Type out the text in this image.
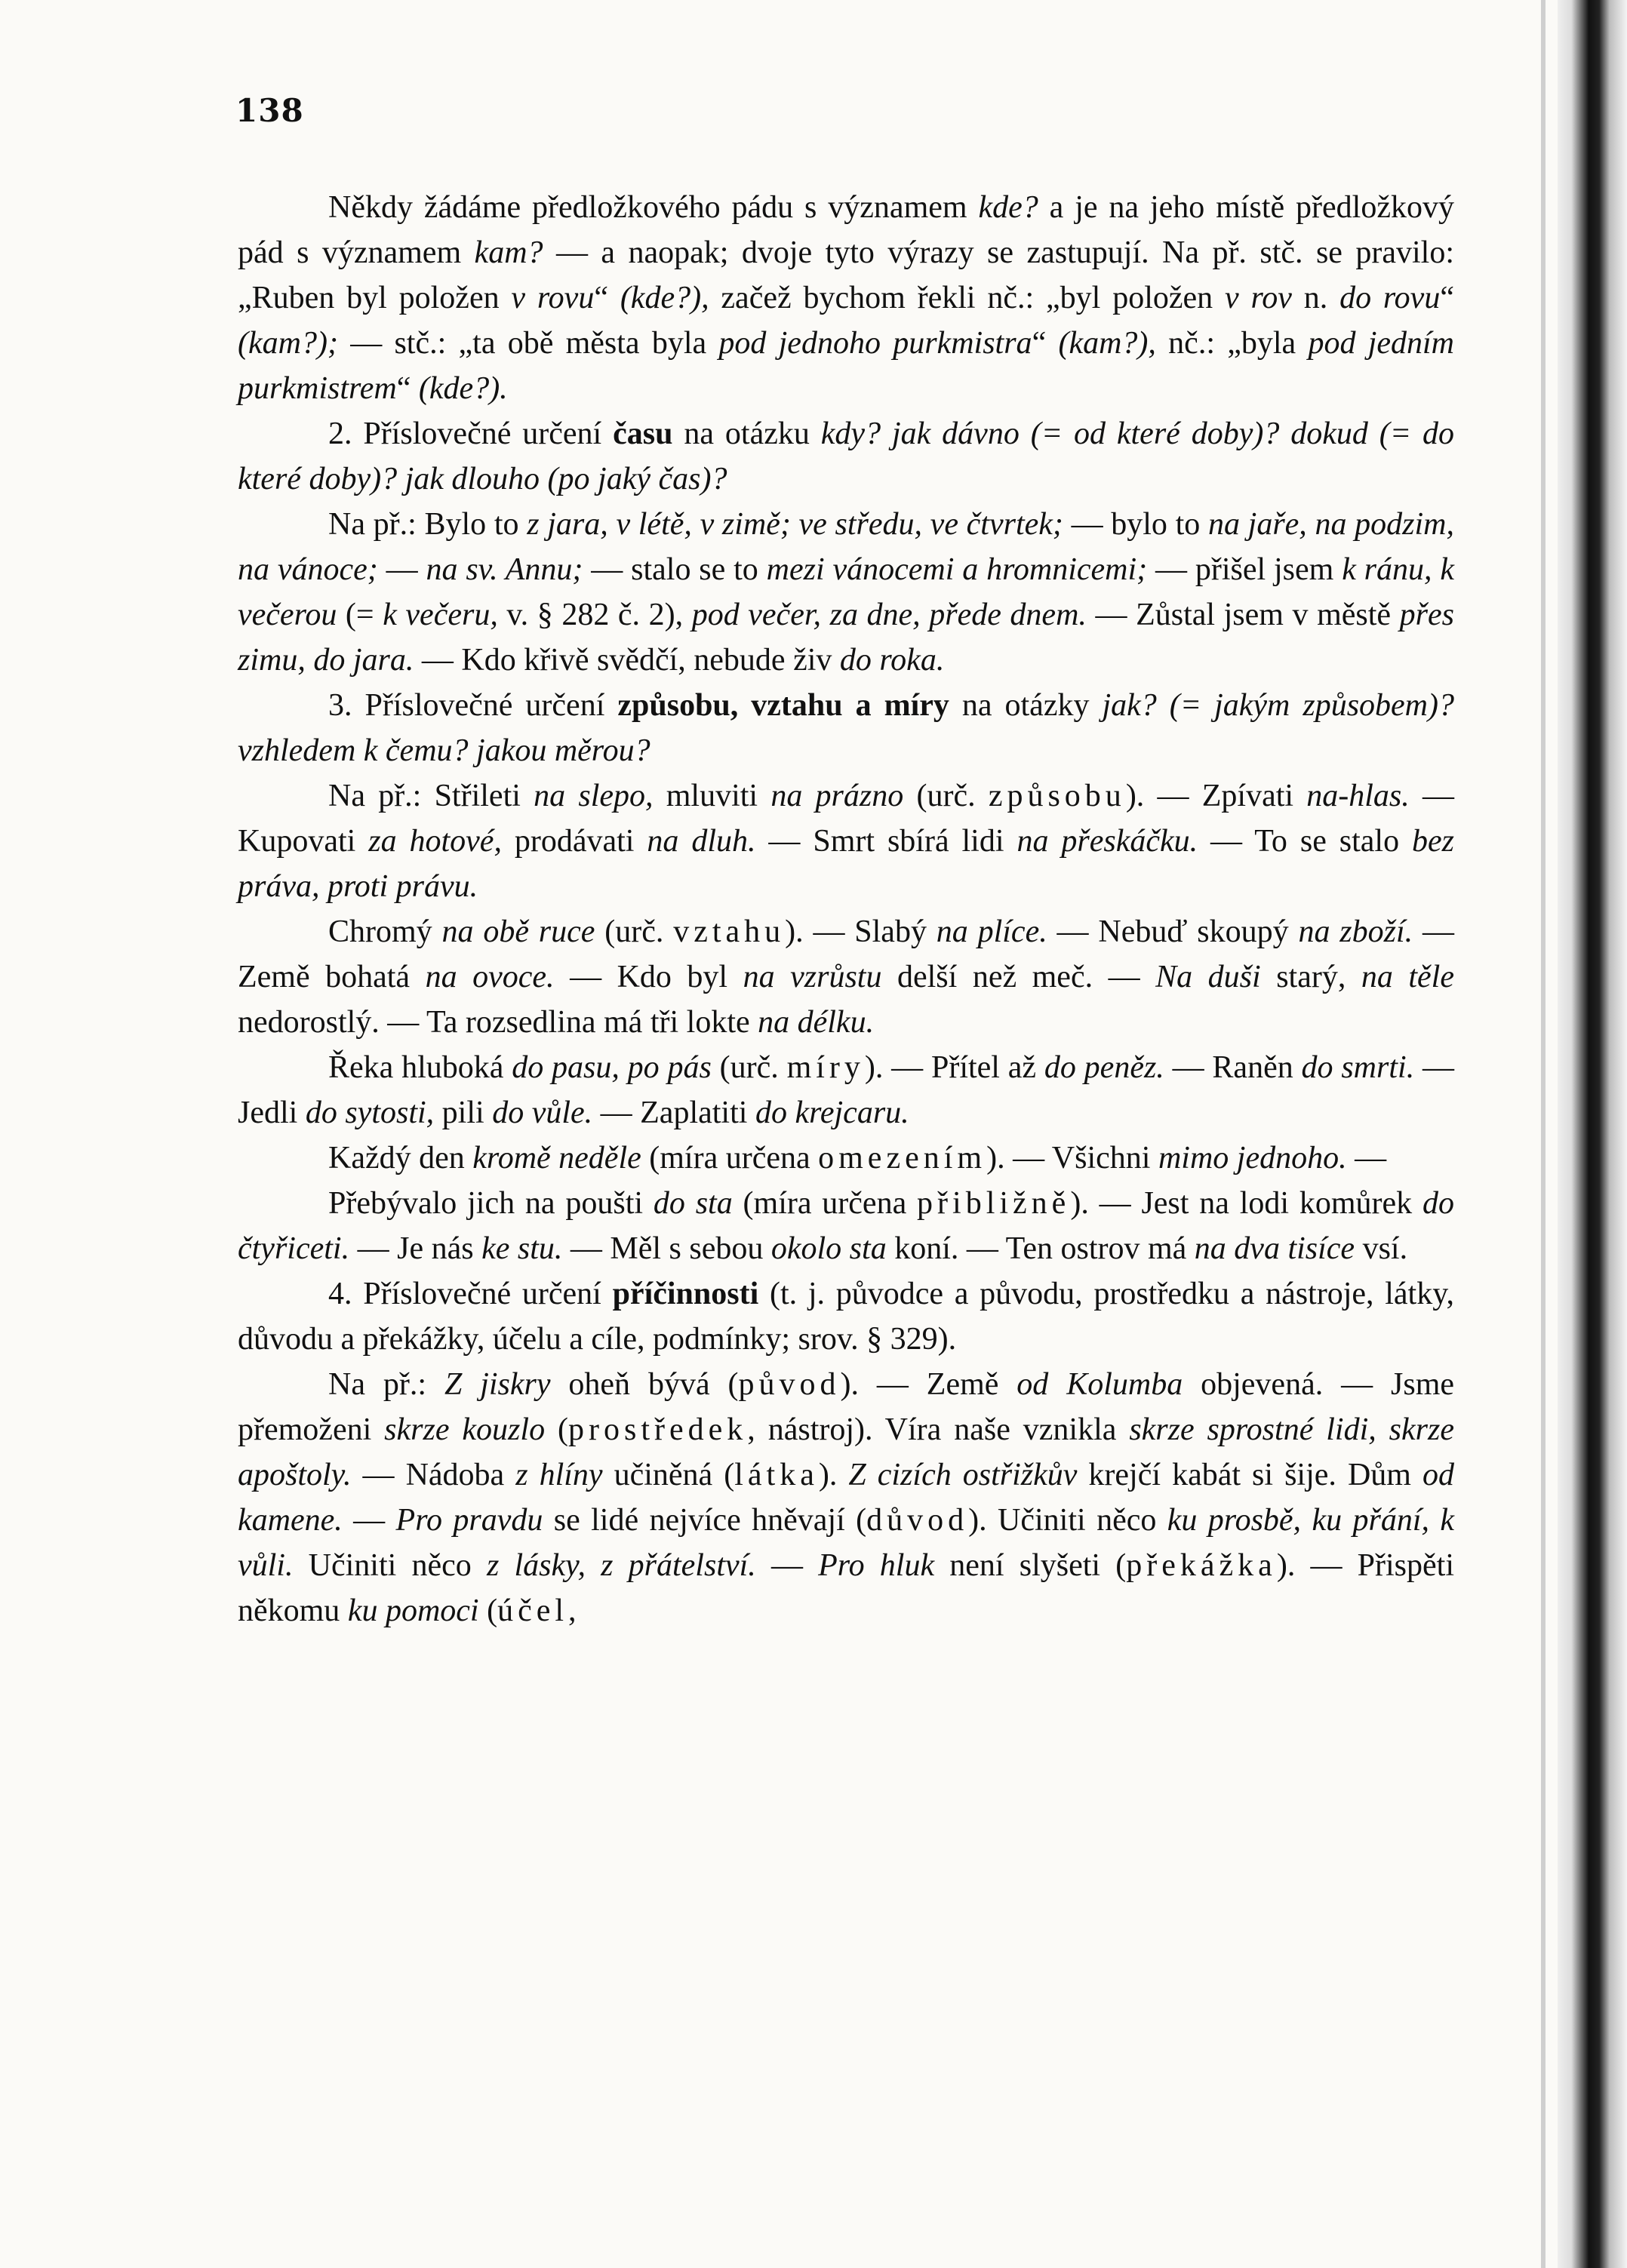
138

Někdy žádáme předložkového pádu s významem kde? a je na jeho místě předložkový pád s významem kam? — a naopak; dvoje tyto výrazy se zastupují. Na př. stč. se pravilo: „Ruben byl položen v rovu“ (kde?), začež bychom řekli nč.: „byl položen v rov n. do rovu“ (kam?); — stč.: „ta obě města byla pod jednoho purkmistra“ (kam?), nč.: „byla pod jedním purkmistrem“ (kde?).

2. Příslovečné určení času na otázku kdy? jak dávno (= od které doby)? dokud (= do které doby)? jak dlouho (po jaký čas)?

Na př.: Bylo to z jara, v létě, v zimě; ve středu, ve čtvrtek; — bylo to na jaře, na podzim, na vánoce; — na sv. Annu; — stalo se to mezi vánocemi a hromnicemi; — přišel jsem k ránu, k večerou (= k večeru, v. § 282 č. 2), pod večer, za dne, přede dnem. — Zůstal jsem v městě přes zimu, do jara. — Kdo křivě svědčí, nebude živ do roka.

3. Příslovečné určení způsobu, vztahu a míry na otázky jak? (= jakým způsobem)? vzhledem k čemu? jakou měrou?

Na př.: Střileti na slepo, mluviti na prázno (urč. způsobu). — Zpívati na-hlas. — Kupovati za hotové, prodávati na dluh. — Smrt sbírá lidi na přeskáčku. — To se stalo bez práva, proti právu.

Chromý na obě ruce (urč. vztahu). — Slabý na plíce. — Nebuď skoupý na zboží. — Země bohatá na ovoce. — Kdo byl na vzrůstu delší než meč. — Na duši starý, na těle nedorostlý. — Ta rozsedlina má tři lokte na délku.

Řeka hluboká do pasu, po pás (urč. míry). — Přítel až do peněz. — Raněn do smrti. — Jedli do sytosti, pili do vůle. — Zaplatiti do krejcaru.

Každý den kromě neděle (míra určena omezením). — Všichni mimo jednoho. —

Přebývalo jich na poušti do sta (míra určena přibližně). — Jest na lodi komůrek do čtyřiceti. — Je nás ke stu. — Měl s sebou okolo sta koní. — Ten ostrov má na dva tisíce vsí.

4. Příslovečné určení příčinnosti (t. j. původce a původu, prostředku a nástroje, látky, důvodu a překážky, účelu a cíle, podmínky; srov. § 329).

Na př.: Z jiskry oheň bývá (původ). — Země od Kolumba objevená. — Jsme přemoženi skrze kouzlo (prostředek, nástroj). Víra naše vznikla skrze sprostné lidi, skrze apoštoly. — Nádoba z hlíny učiněná (látka). Z cizích ostřižkův krejčí kabát si šije. Dům od kamene. — Pro pravdu se lidé nejvíce hněvají (důvod). Učiniti něco ku prosbě, ku přání, k vůli. Učiniti něco z lásky, z přátelství. — Pro hluk není slyšeti (překážka). — Přispěti někomu ku pomoci (účel,
